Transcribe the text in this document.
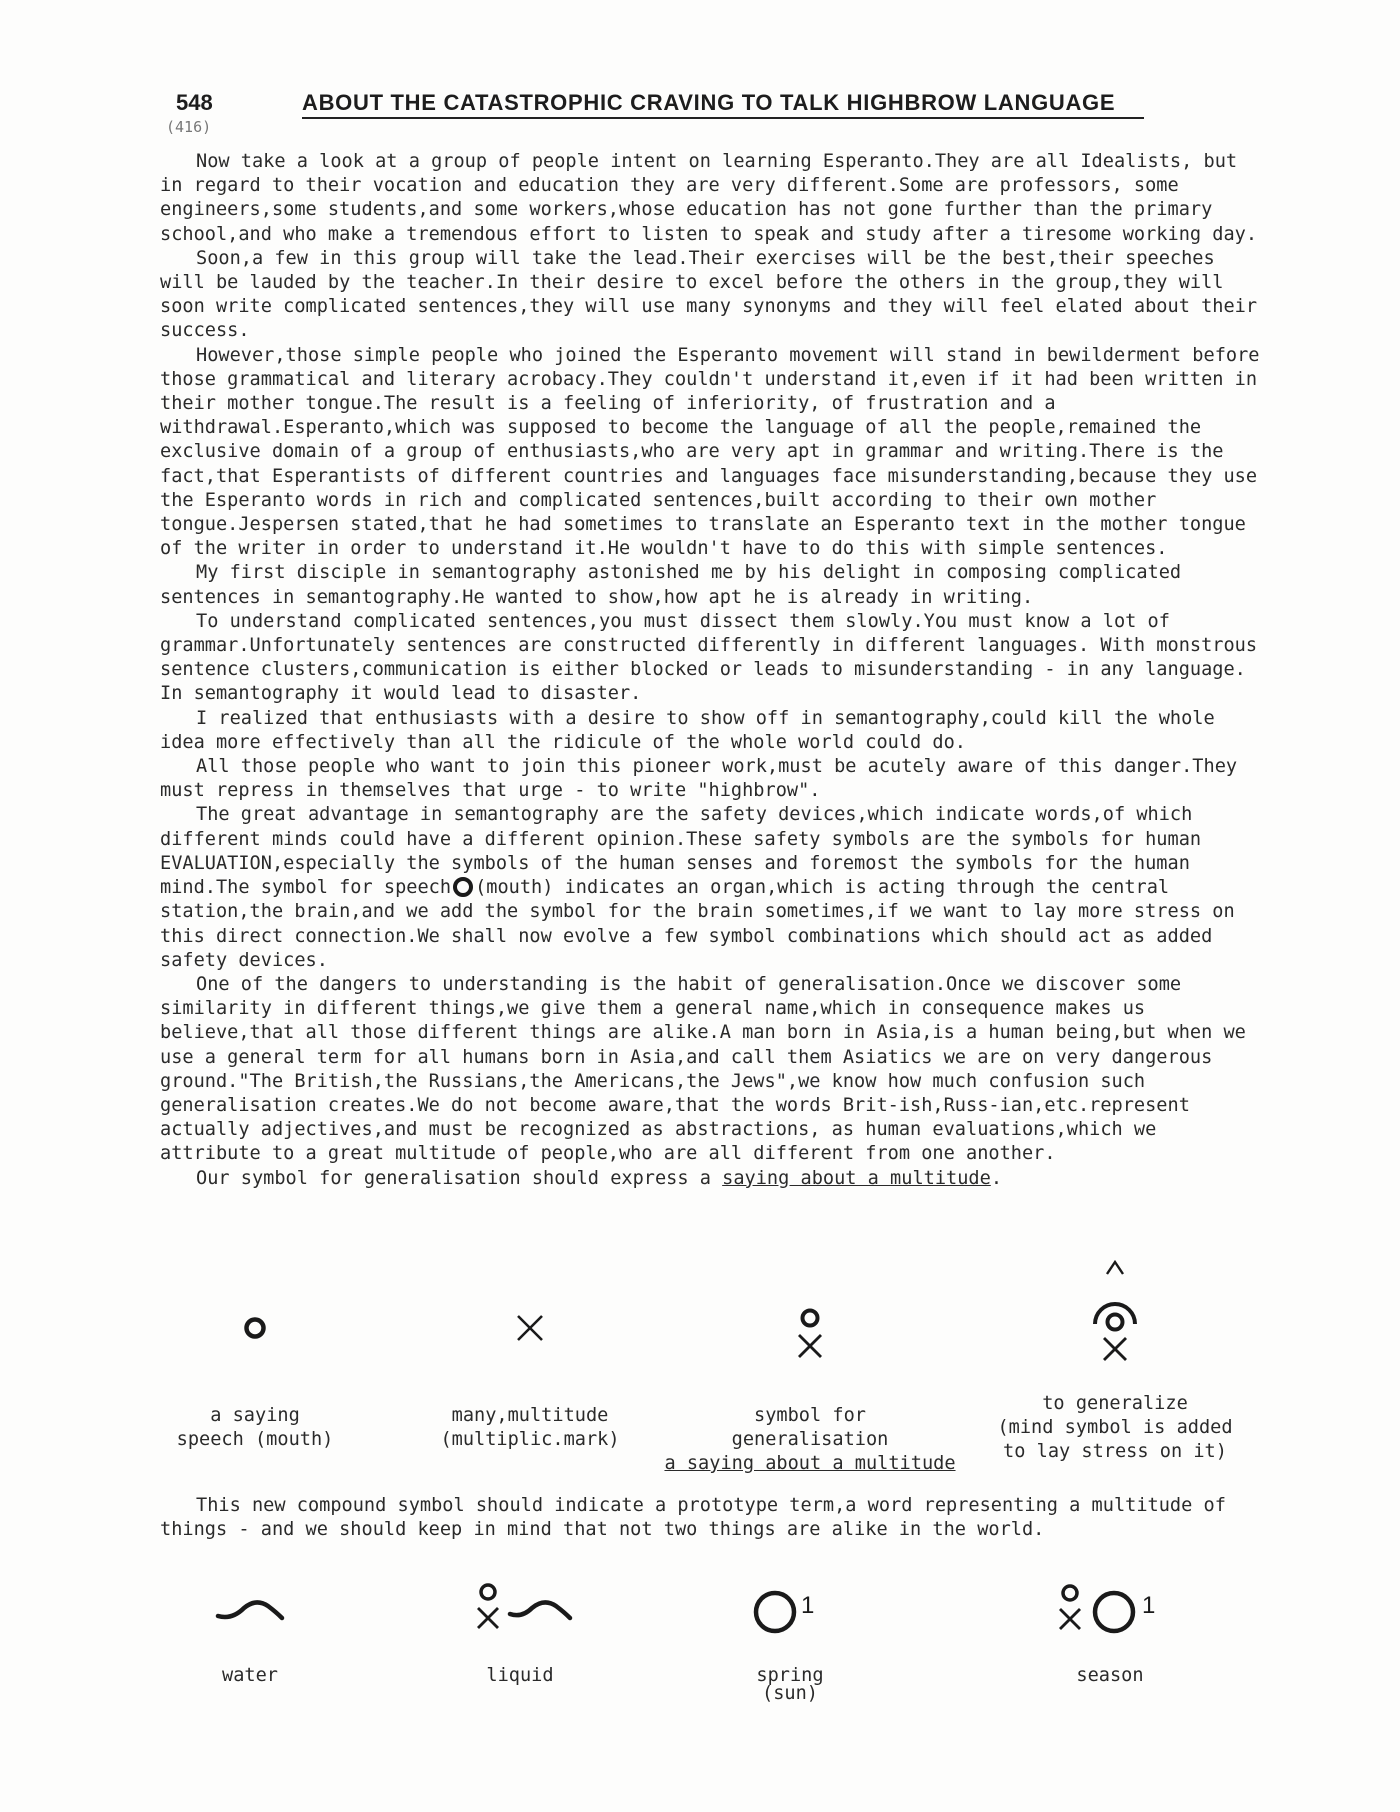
548
(416)
ABOUT THE CATASTROPHIC CRAVING TO TALK HIGHBROW LANGUAGE

Now take a look at a group of people intent on learning Esperanto.They are all Idealists, but in regard to their vocation and education they are very different.Some are professors, some engineers,some students,and some workers,whose education has not gone further than the primary school,and who make a tremendous effort to listen to speak and study after a tiresome working day.

Soon,a few in this group will take the lead.Their exercises will be the best,their speeches will be lauded by the teacher.In their desire to excel before the others in the group,they will soon write complicated sentences,they will use many synonyms and they will feel elated about their success.

However,those simple people who joined the Esperanto movement will stand in bewilderment before those grammatical and literary acrobacy.They couldn't understand it,even if it had been written in their mother tongue.The result is a feeling of inferiority, of frustration and a withdrawal.Esperanto,which was supposed to become the language of all the people,remained the exclusive domain of a group of enthusiasts,who are very apt in grammar and writing.There is the fact,that Esperantists of different countries and languages face misunderstanding,because they use the Esperanto words in rich and complicated sentences,built according to their own mother tongue.Jespersen stated,that he had sometimes to translate an Esperanto text in the mother tongue of the writer in order to understand it.He wouldn't have to do this with simple sentences.

My first disciple in semantography astonished me by his delight in composing complicated sentences in semantography.He wanted to show,how apt he is already in writing.

To understand complicated sentences,you must dissect them slowly.You must know a lot of grammar.Unfortunately sentences are constructed differently in different languages. With monstrous sentence clusters,communication is either blocked or leads to misunderstanding - in any language. In semantography it would lead to disaster.

I realized that enthusiasts with a desire to show off in semantography,could kill the whole idea more effectively than all the ridicule of the whole world could do.

All those people who want to join this pioneer work,must be acutely aware of this danger.They must repress in themselves that urge - to write "highbrow".

The great advantage in semantography are the safety devices,which indicate words,of which different minds could have a different opinion.These safety symbols are the symbols for human EVALUATION,especially the symbols of the human senses and foremost the symbols for the human mind.The symbol for speech (mouth) indicates an organ,which is acting through the central station,the brain,and we add the symbol for the brain sometimes,if we want to lay more stress on this direct connection.We shall now evolve a few symbol combinations which should act as added safety devices.

One of the dangers to understanding is the habit of generalisation.Once we discover some similarity in different things,we give them a general name,which in consequence makes us believe,that all those different things are alike.A man born in Asia,is a human being,but when we use a general term for all humans born in Asia,and call them Asiatics we are on very dangerous ground."The British,the Russians,the Americans,the Jews",we know how much confusion such generalisation creates.We do not become aware,that the words Brit-ish,Russ-ian,etc.represent actually adjectives,and must be recognized as abstractions, as human evaluations,which we attribute to a great multitude of people,who are all different from one another.

Our symbol for generalisation should express a saying about a multitude.

a saying
speech (mouth)
many,multitude
(multiplic.mark)
symbol for
generalisation
a saying about a multitude
to generalize
(mind symbol is added
to lay stress on it)

This new compound symbol should indicate a prototype term,a word representing a multitude of things - and we should keep in mind that not two things are alike in the world.

water	liquid
1
spring
(sun)
1
season
